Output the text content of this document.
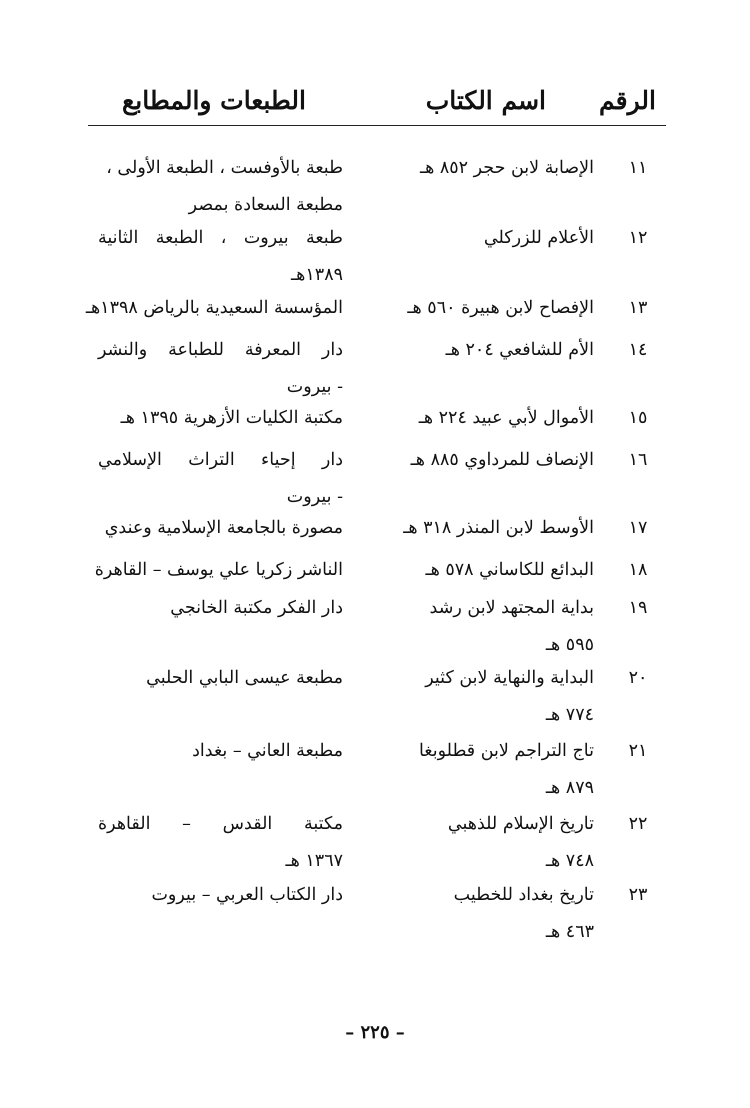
الرقم
اسم الكتاب
الطبعات والمطابع
١١
الإصابة لابن حجر ٨٥٢ هـ
طبعة بالأوفست ، الطبعة الأولى ،
مطبعة السعادة بمصر
١٢
الأعلام للزركلي
طبعة بيروت ، الطبعة الثانية
١٣٨٩هـ
١٣
الإفصاح لابن هبيرة ٥٦٠ هـ
المؤسسة السعيدية بالرياض ١٣٩٨هـ
١٤
الأم للشافعي ٢٠٤ هـ
دار المعرفة للطباعة والنشر
- بيروت
١٥
الأموال لأبي عبيد ٢٢٤ هـ
مكتبة الكليات الأزهرية ١٣٩٥ هـ
١٦
الإنصاف للمرداوي ٨٨٥ هـ
دار إحياء التراث الإسلامي
- بيروت
١٧
الأوسط لابن المنذر ٣١٨ هـ
مصورة بالجامعة الإسلامية وعندي
١٨
البدائع للكاساني ٥٧٨ هـ
الناشر زكريا علي يوسف – القاهرة
١٩
بداية المجتهد لابن رشد
٥٩٥ هـ
دار الفكر مكتبة الخانجي
٢٠
البداية والنهاية لابن كثير
٧٧٤ هـ
مطبعة عيسى البابي الحلبي
٢١
تاج التراجم لابن قطلوبغا
٨٧٩ هـ
مطبعة العاني – بغداد
٢٢
تاريخ الإسلام للذهبي
٧٤٨ هـ
مكتبة القدس – القاهرة
١٣٦٧ هـ
٢٣
تاريخ بغداد للخطيب
٤٦٣ هـ
دار الكتاب العربي – بيروت
– ٢٢٥ –
